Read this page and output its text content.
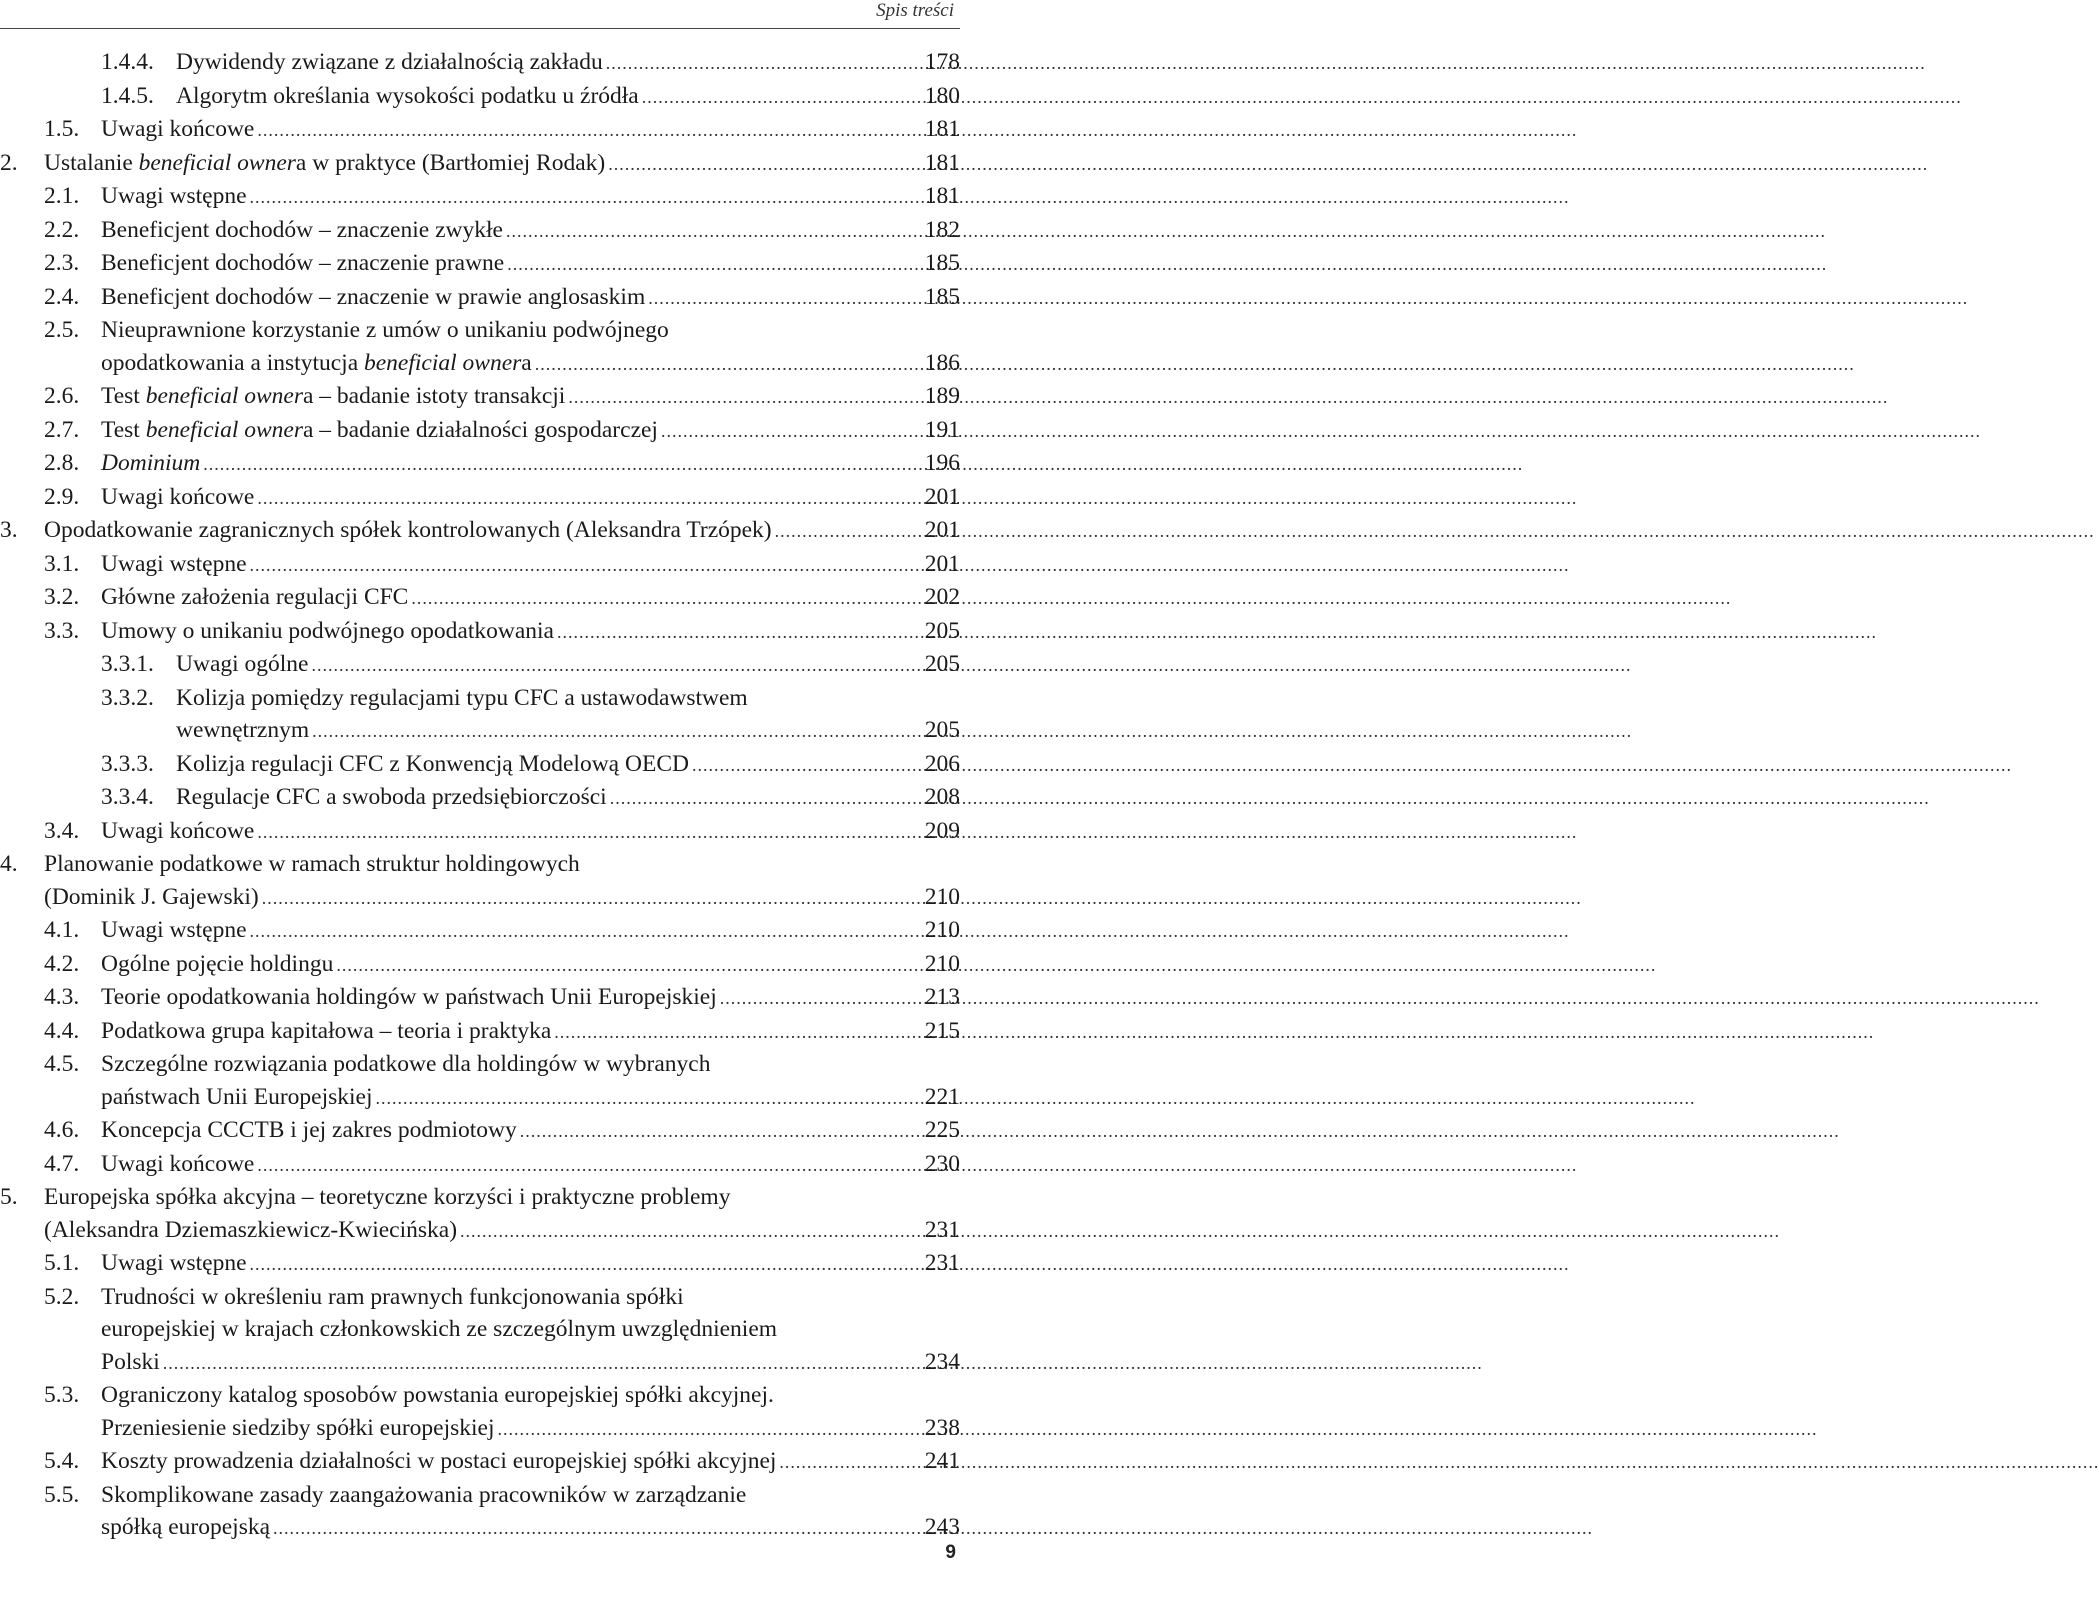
Spis treści
1.4.4. Dywidendy związane z działalnością zakładu .....	178
1.4.5. Algorytm określania wysokości podatku u źródła .....	180
1.5. Uwagi końcowe .....	181
2. Ustalanie beneficial ownera w praktyce (Bartłomiej Rodak) .....	181
2.1. Uwagi wstępne .....	181
2.2. Beneficjent dochodów – znaczenie zwykłe .....	182
2.3. Beneficjent dochodów – znaczenie prawne .....	185
2.4. Beneficjent dochodów – znaczenie w prawie anglosaskim .....	185
2.5. Nieuprawnione korzystanie z umów o unikaniu podwójnego
opodatkowania a instytucja beneficial ownera .....	186
2.6. Test beneficial ownera – badanie istoty transakcji .....	189
2.7. Test beneficial ownera – badanie działalności gospodarczej .....	191
2.8. Dominium .....	196
2.9. Uwagi końcowe .....	201
3. Opodatkowanie zagranicznych spółek kontrolowanych (Aleksandra Trzópek) .....	201
3.1. Uwagi wstępne .....	201
3.2. Główne założenia regulacji CFC .....	202
3.3. Umowy o unikaniu podwójnego opodatkowania .....	205
3.3.1. Uwagi ogólne .....	205
3.3.2. Kolizja pomiędzy regulacjami typu CFC a ustawodawstwem
wewnętrznym .....	205
3.3.3. Kolizja regulacji CFC z Konwencją Modelową OECD .....	206
3.3.4. Regulacje CFC a swoboda przedsiębiorczości .....	208
3.4. Uwagi końcowe .....	209
4. Planowanie podatkowe w ramach struktur holdingowych
(Dominik J. Gajewski) .....	210
4.1. Uwagi wstępne .....	210
4.2. Ogólne pojęcie holdingu .....	210
4.3. Teorie opodatkowania holdingów w państwach Unii Europejskiej .....	213
4.4. Podatkowa grupa kapitałowa – teoria i praktyka .....	215
4.5. Szczególne rozwiązania podatkowe dla holdingów w wybranych
państwach Unii Europejskiej .....	221
4.6. Koncepcja CCCTB i jej zakres podmiotowy .....	225
4.7. Uwagi końcowe .....	230
5. Europejska spółka akcyjna – teoretyczne korzyści i praktyczne problemy
(Aleksandra Dziemaszkiewicz-Kwiecińska) .....	231
5.1. Uwagi wstępne .....	231
5.2. Trudności w określeniu ram prawnych funkcjonowania spółki
europejskiej w krajach członkowskich ze szczególnym uwzględnieniem
Polski .....	234
5.3. Ograniczony katalog sposobów powstania europejskiej spółki akcyjnej.
Przeniesienie siedziby spółki europejskiej .....	238
5.4. Koszty prowadzenia działalności w postaci europejskiej spółki akcyjnej .....	241
5.5. Skomplikowane zasady zaangażowania pracowników w zarządzanie
spółką europejską .....	243
9
